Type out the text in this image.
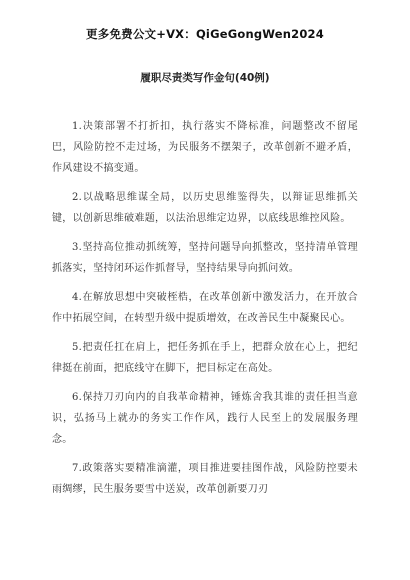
更多免费公文+VX：QiGeGongWen2024
履职尽责类写作金句(40例)

1.决策部署不打折扣，执行落实不降标准，问题整改不留尾巴，风险防控不走过场，为民服务不摆架子，改革创新不避矛盾，作风建设不搞变通。

2.以战略思维谋全局，以历史思维鉴得失，以辩证思维抓关键，以创新思维破难题，以法治思维定边界，以底线思维控风险。

3.坚持高位推动抓统筹，坚持问题导向抓整改，坚持清单管理抓落实，坚持闭环运作抓督导，坚持结果导向抓问效。

4.在解放思想中突破桎梏，在改革创新中激发活力，在开放合作中拓展空间，在转型升级中提质增效，在改善民生中凝聚民心。

5.把责任扛在肩上，把任务抓在手上，把群众放在心上，把纪律挺在前面，把底线守在脚下，把目标定在高处。

6.保持刀刃向内的自我革命精神，锤炼舍我其谁的责任担当意识，弘扬马上就办的务实工作作风，践行人民至上的发展服务理念。

7.政策落实要精准滴灌，项目推进要挂图作战，风险防控要未雨绸缪，民生服务要雪中送炭，改革创新要刀刃
